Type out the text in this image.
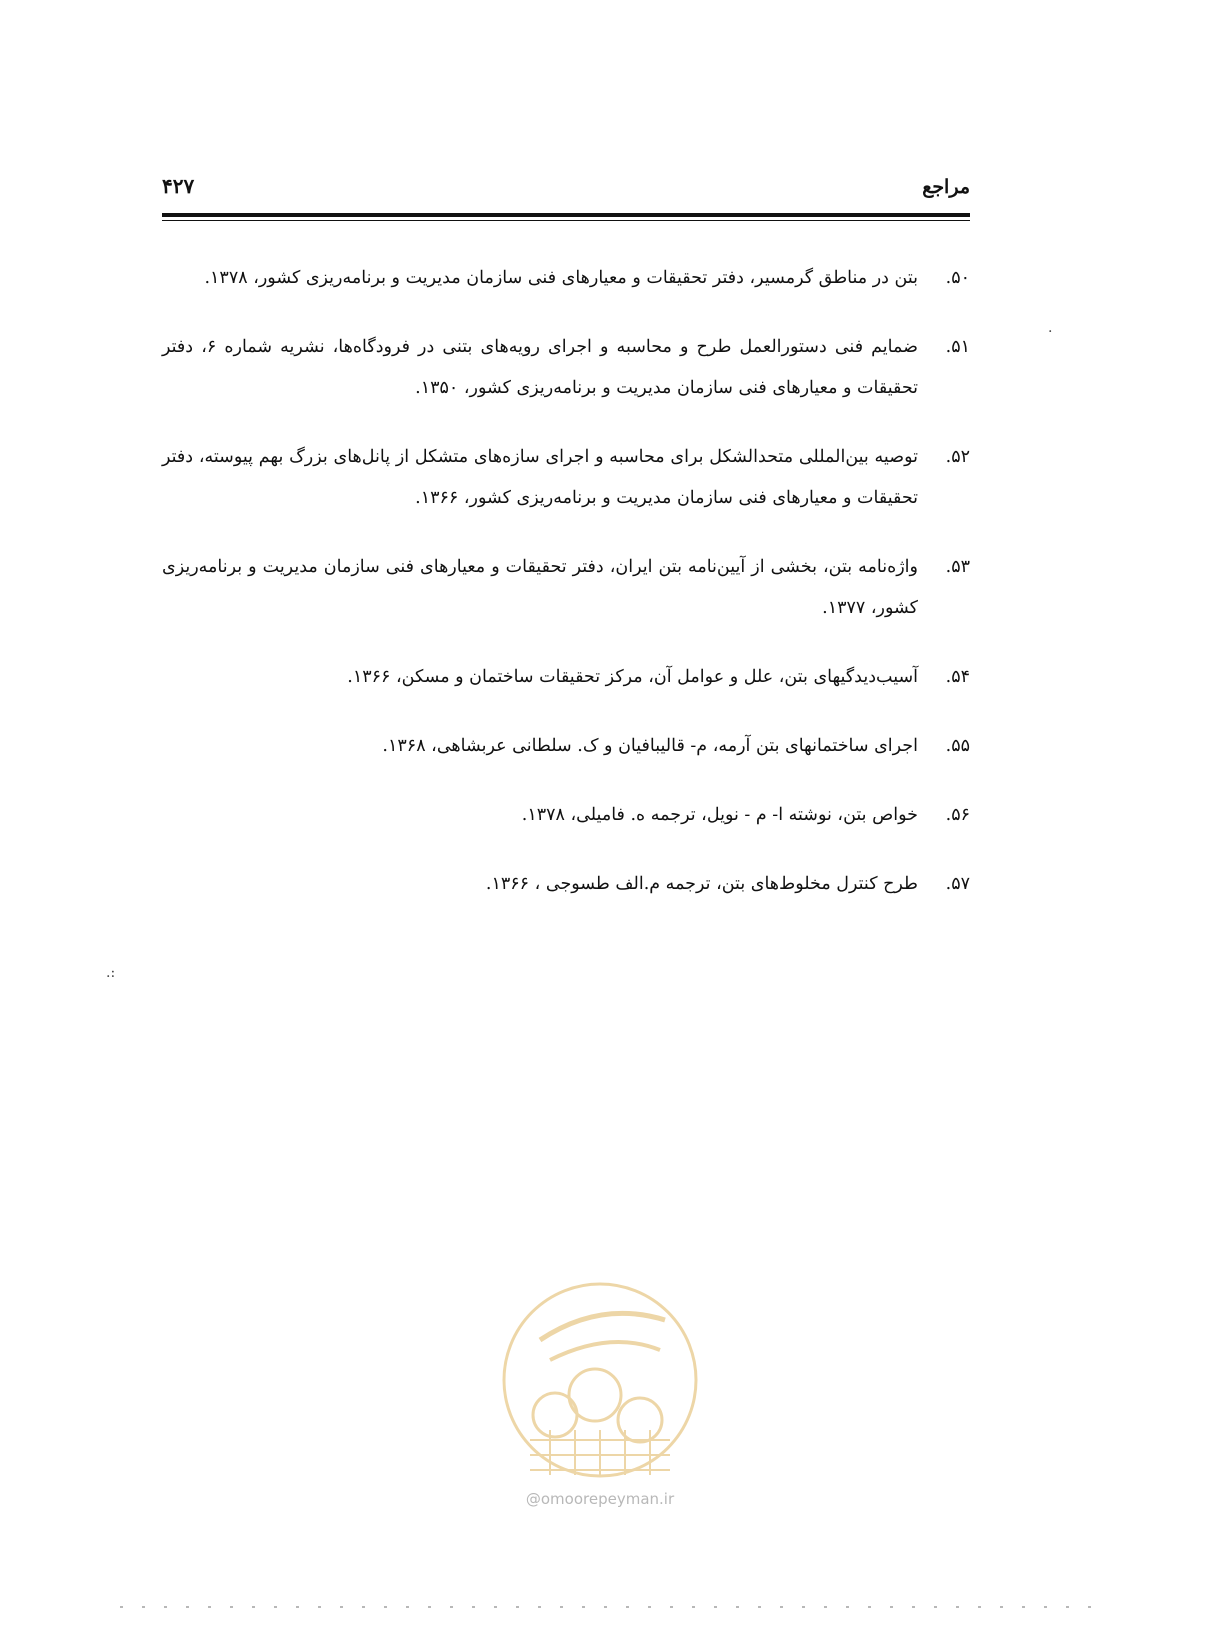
مراجع
۴۲۷
۵۰.
بتن در مناطق گرمسیر، دفتر تحقیقات و معیارهای فنی سازمان مدیریت و برنامه‌ریزی کشور، ۱۳۷۸.
۵۱.
ضمایم فنی دستورالعمل طرح و محاسبه و اجرای رویه‌های بتنی در فرودگاه‌ها، نشریه شماره ۶، دفتر تحقیقات و معیارهای فنی سازمان مدیریت و برنامه‌ریزی کشور، ۱۳۵۰.
۵۲.
توصیه بین‌المللی متحدالشکل برای محاسبه و اجرای سازه‌های متشکل از پانل‌های بزرگ بهم پیوسته، دفتر تحقیقات و معیارهای فنی سازمان مدیریت و برنامه‌ریزی کشور، ۱۳۶۶.
۵۳.
واژه‌نامه بتن، بخشی از آیین‌نامه بتن ایران، دفتر تحقیقات و معیارهای فنی سازمان مدیریت و برنامه‌ریزی کشور، ۱۳۷۷.
۵۴.
آسیب‌دیدگیهای بتن، علل و عوامل آن، مرکز تحقیقات ساختمان و مسکن، ۱۳۶۶.
۵۵.
اجرای ساختمانهای بتن آرمه، م- قالیبافیان و ک. سلطانی عربشاهی، ۱۳۶۸.
۵۶.
خواص بتن، نوشته ا- م - نویل، ترجمه ه. فامیلی، ۱۳۷۸.
۵۷.
طرح کنترل مخلوط‌های بتن، ترجمه م.الف طسوجی ، ۱۳۶۶.
.
.:
@omoorepeyman.ir
